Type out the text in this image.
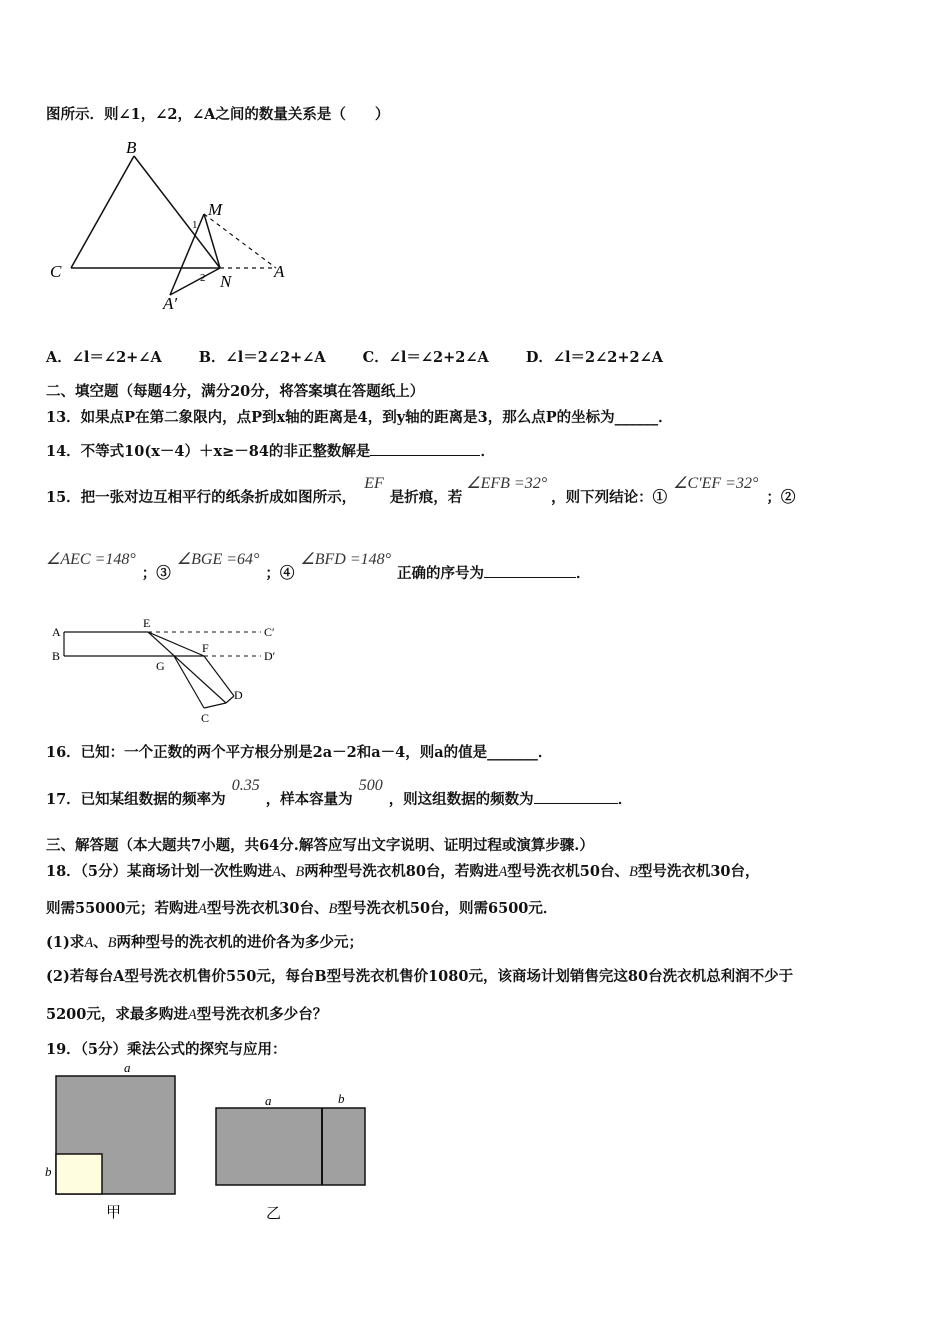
图所示．则∠1，∠2，∠A之间的数量关系是（　　）
B
M
1
C	2 N
A
A′
A．∠l＝∠2+∠A	B．∠l＝2∠2+∠A	C．∠l＝∠2+2∠A	D．∠l＝2∠2+2∠A
二、填空题（每题4分，满分20分，将答案填在答题纸上）
13．如果点P在第二象限内，点P到x轴的距离是4，到y轴的距离是3，那么点P的坐标为______．
14．不等式10(x－4）＋x≥－84的非正整数解是	．
15．把一张对边互相平行的纸条折成如图所示，EF是折痕，若∠EFB =32°，则下列结论：①∠C′EF =32°；②
∠AEC =148°；③∠BGE =64°；④∠BFD =148°正确的序号为	．
A
E
C′
B
F
D′
G
D
C
16．已知：一个正数的两个平方根分别是2a－2和a－4，则a的值是_______．
17．已知某组数据的频率为0.35，样本容量为500，则这组数据的频数为	．
三、解答题（本大题共7小题，共64分.解答应写出文字说明、证明过程或演算步骤.）
18．（5分）某商场计划一次性购进A、B两种型号洗衣机80台，若购进A型号洗衣机50台、B型号洗衣机30台，
则需55000元；若购进A型号洗衣机30台、B型号洗衣机50台，则需6500元．
(1)求A、B两种型号的洗衣机的进价各为多少元；
(2)若每台A型号洗衣机售价550元，每台B型号洗衣机售价1080元，该商场计划销售完这80台洗衣机总利润不少于
5200元，求最多购进A型号洗衣机多少台？
19．（5分）乘法公式的探究与应用：
a
b
甲
a	b
乙
